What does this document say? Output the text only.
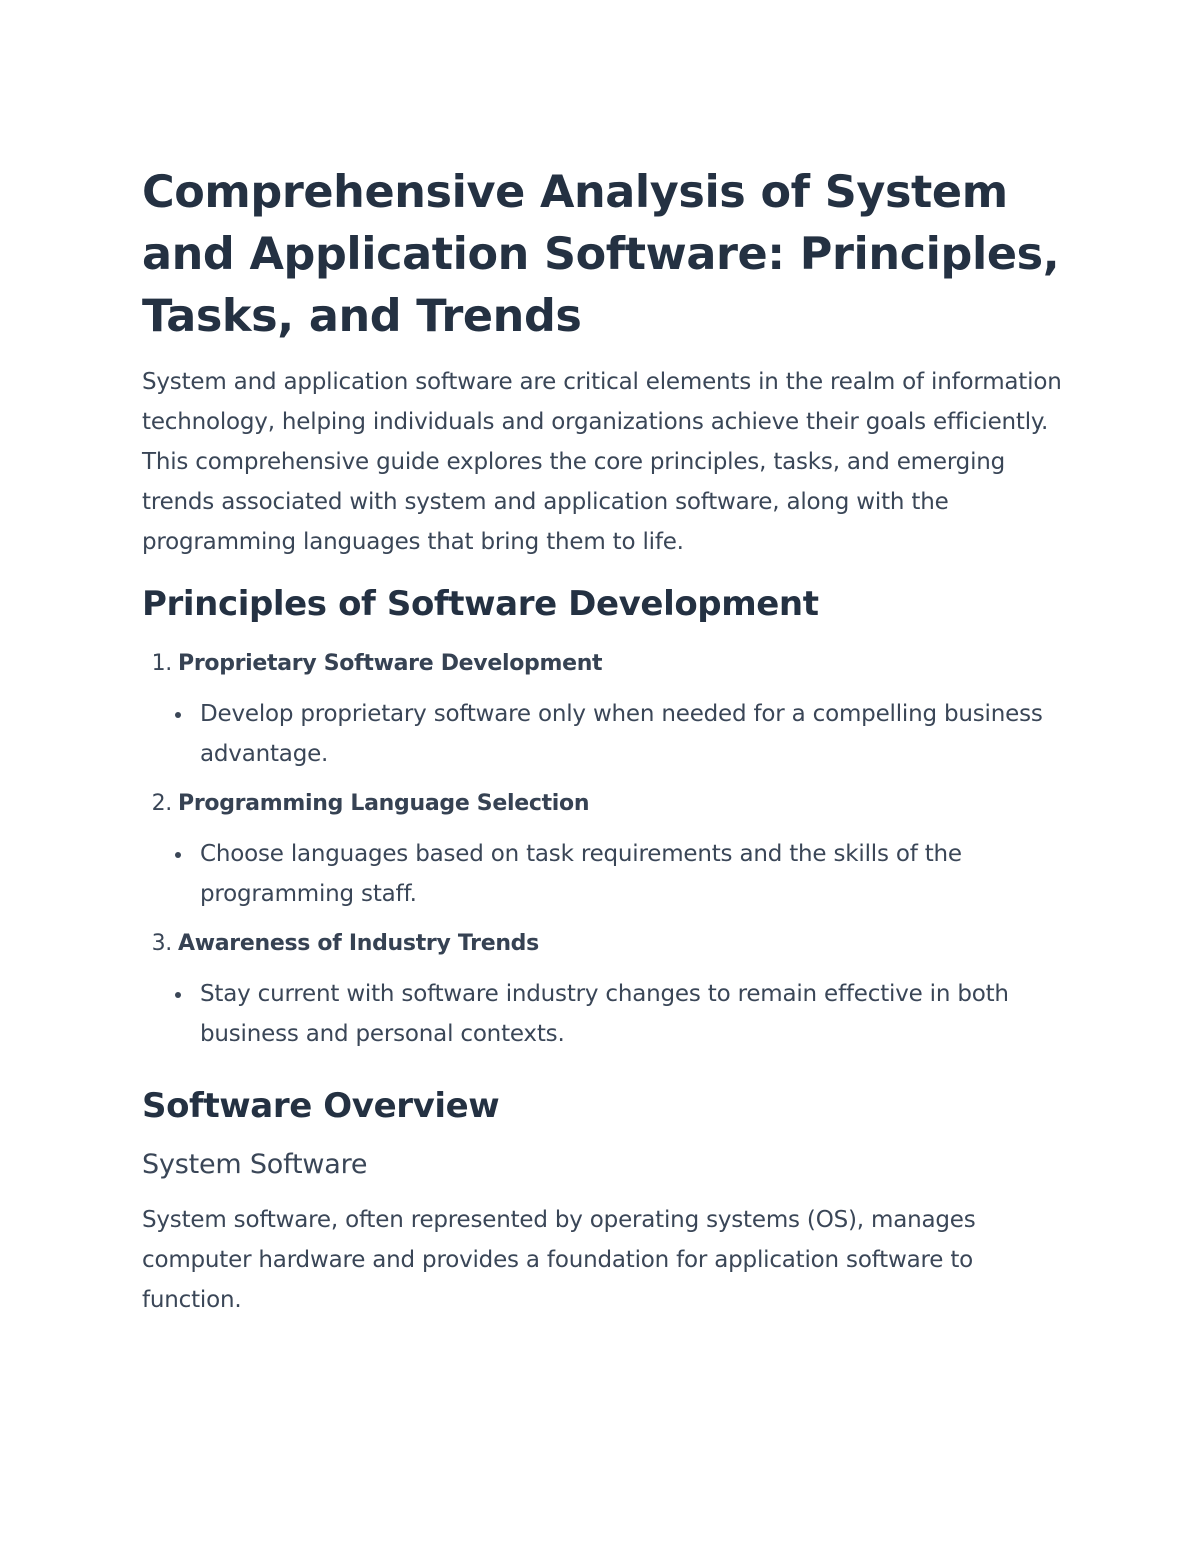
Comprehensive Analysis of System and Application Software: Principles, Tasks, and Trends

System and application software are critical elements in the realm of information technology, helping individuals and organizations achieve their goals efficiently. This comprehensive guide explores the core principles, tasks, and emerging trends associated with system and application software, along with the programming languages that bring them to life.

Principles of Software Development
1. Proprietary Software Development
Develop proprietary software only when needed for a compelling business advantage.
2. Programming Language Selection
Choose languages based on task requirements and the skills of the programming staff.
3. Awareness of Industry Trends
Stay current with software industry changes to remain effective in both business and personal contexts.
Software Overview
System Software

System software, often represented by operating systems (OS), manages computer hardware and provides a foundation for application software to function.
